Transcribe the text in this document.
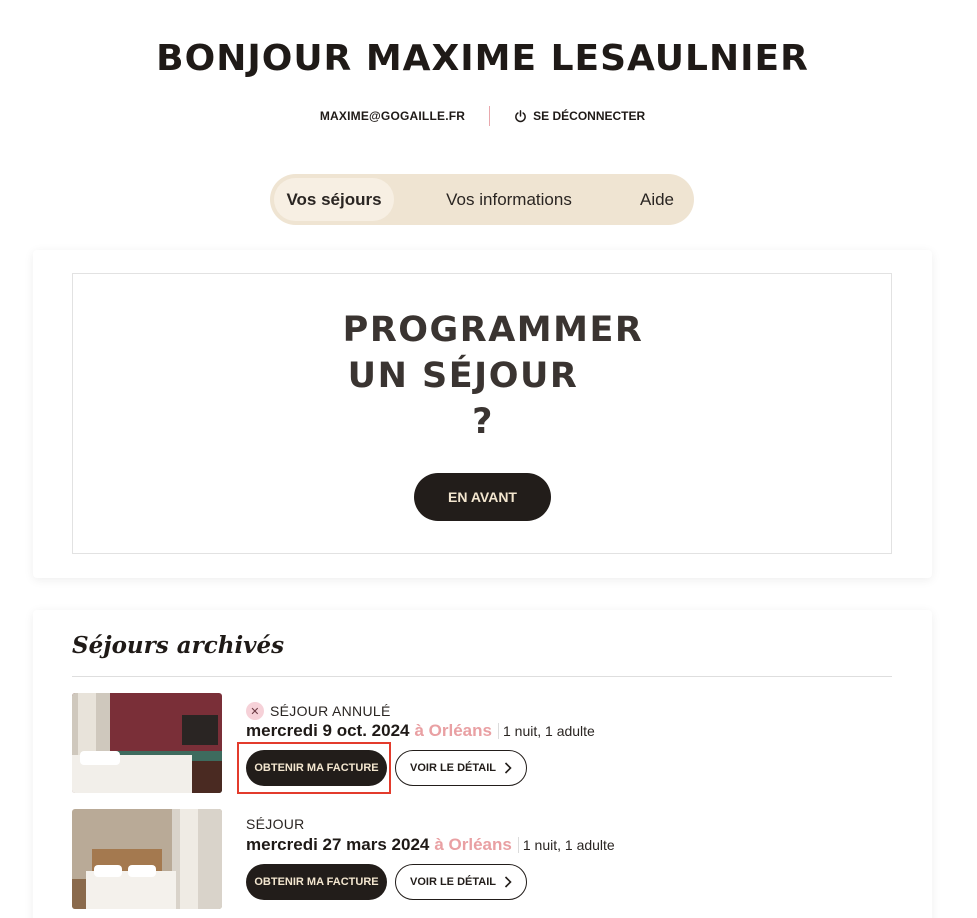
BONJOUR MAXIME LESAULNIER
MAXIME@GOGAILLE.FR	SE DÉCONNECTER
Vos séjours	Vos informations	Aide
PROGRAMMER
UN SÉJOUR
?
EN AVANT
Séjours archivés
✕ SÉJOUR ANNULÉ
mercredi 9 oct. 2024 à Orléans 1 nuit, 1 adulte
OBTENIR MA FACTURE	VOIR LE DÉTAIL
SÉJOUR
mercredi 27 mars 2024 à Orléans 1 nuit, 1 adulte
OBTENIR MA FACTURE	VOIR LE DÉTAIL
